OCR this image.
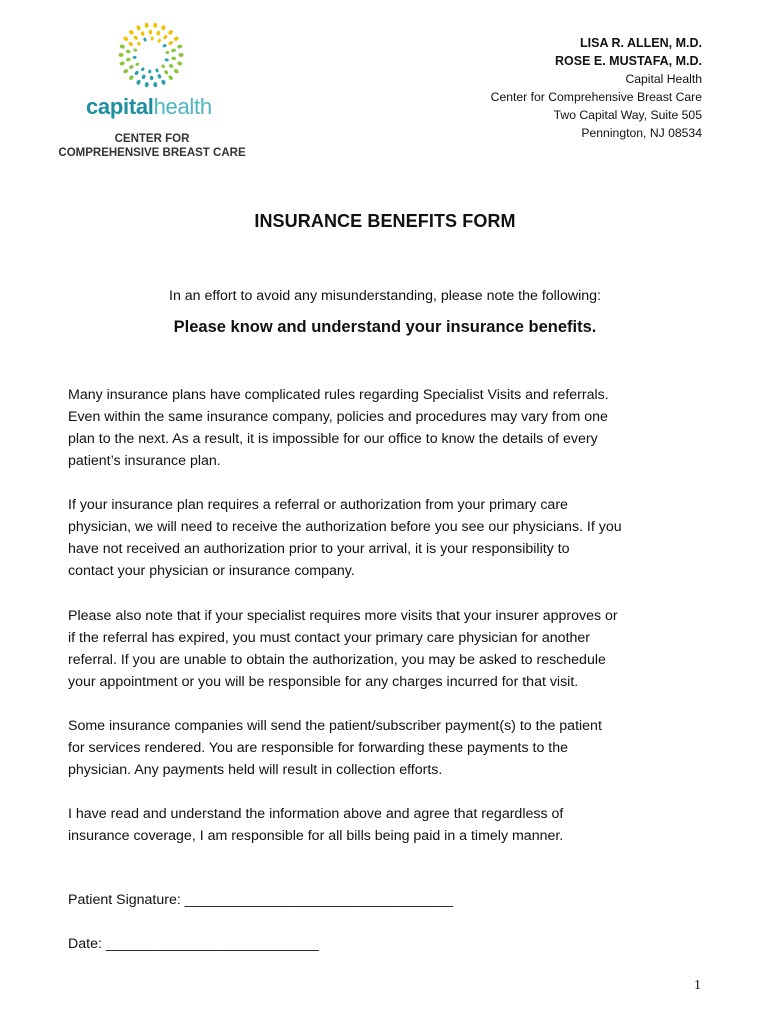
capitalhealth
CENTER FOR
COMPREHENSIVE BREAST CARE
LISA R. ALLEN, M.D.
ROSE E. MUSTAFA, M.D.
Capital Health
Center for Comprehensive Breast Care
Two Capital Way, Suite 505
Pennington, NJ 08534
INSURANCE BENEFITS FORM
In an effort to avoid any misunderstanding, please note the following:
Please know and understand your insurance benefits.

Many insurance plans have complicated rules regarding Specialist Visits and referrals.
Even within the same insurance company, policies and procedures may vary from one
plan to the next. As a result, it is impossible for our office to know the details of every
patient’s insurance plan.

If your insurance plan requires a referral or authorization from your primary care
physician, we will need to receive the authorization before you see our physicians. If you
have not received an authorization prior to your arrival, it is your responsibility to
contact your physician or insurance company.

Please also note that if your specialist requires more visits that your insurer approves or
if the referral has expired, you must contact your primary care physician for another
referral. If you are unable to obtain the authorization, you may be asked to reschedule
your appointment or you will be responsible for any charges incurred for that visit.

Some insurance companies will send the patient/subscriber payment(s) to the patient
for services rendered. You are responsible for forwarding these payments to the
physician. Any payments held will result in collection efforts.

I have read and understand the information above and agree that regardless of
insurance coverage, I am responsible for all bills being paid in a timely manner.

Patient Signature: __________________________________
Date: ___________________________
1
